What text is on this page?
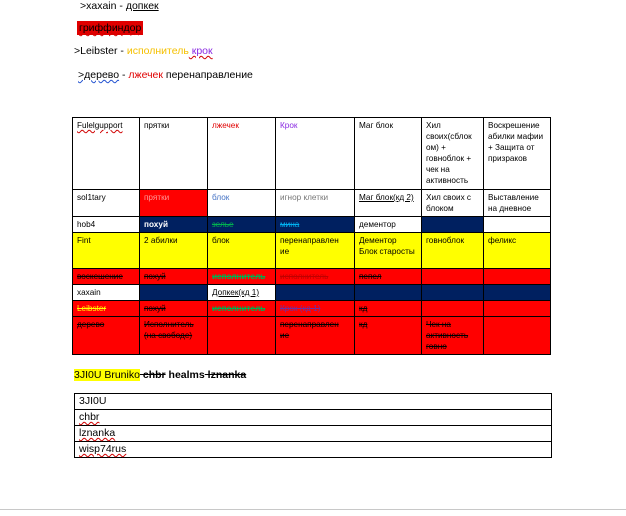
>xaxain - допкек
гриффиндор
>Leibster - исполнитель крок
>дерево - лжечек перенаправление
Fulelgupport	прятки	лжечек	Крок	Маг блок	Хил своих(сблок ом) + говноблок + чек на активность	Воскрешение абилки мафии + Защита от призраков
sol1tary	прятки	блок	игнор клетки	Маг блок(кд 2)	Хил своих с блоком	Выставление на дневное
hob4	похуй	зелье	мина	дементор		
Fint	2 абилки	блок	перенаправлен ие	Дементор Блок старосты	говноблок	феликс
воскешение	похуй	исполнитель	исполнитель	пепел		
xaxain		Допкек(кд 1)				
Leibster	похуй	исполнитель	Крок (кд 1)	кд		
дерево	Исполнитель (на свободе)		перенаправлен ие	кд	Чек на активность говно	
3JI0U Bruniko chbr healms lznanka
3JI0U
chbr
lznanka
wisp74rus
